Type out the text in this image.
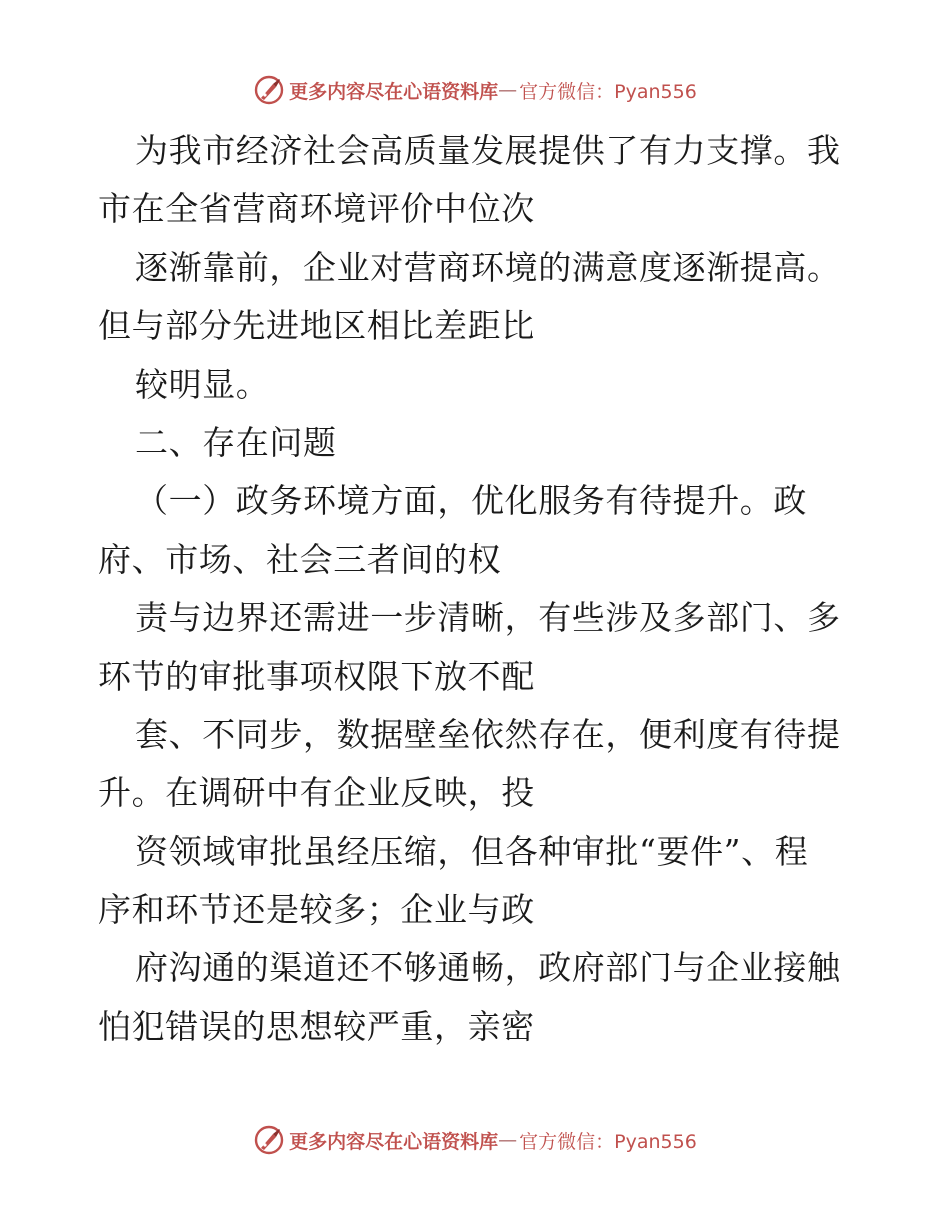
更多内容尽在心语资料库 — 官方微信：Pyan556
为我市经济社会高质量发展提供了有力支撑。我
市在全省营商环境评价中位次
逐渐靠前，企业对营商环境的满意度逐渐提高。
但与部分先进地区相比差距比
较明显。
二、存在问题
（一）政务环境方面，优化服务有待提升。政
府、市场、社会三者间的权
责与边界还需进一步清晰，有些涉及多部门、多
环节的审批事项权限下放不配
套、不同步，数据壁垒依然存在，便利度有待提
升。在调研中有企业反映，投
资领域审批虽经压缩，但各种审批“要件”、程
序和环节还是较多；企业与政
府沟通的渠道还不够通畅，政府部门与企业接触
怕犯错误的思想较严重，亲密
更多内容尽在心语资料库 — 官方微信：Pyan556
